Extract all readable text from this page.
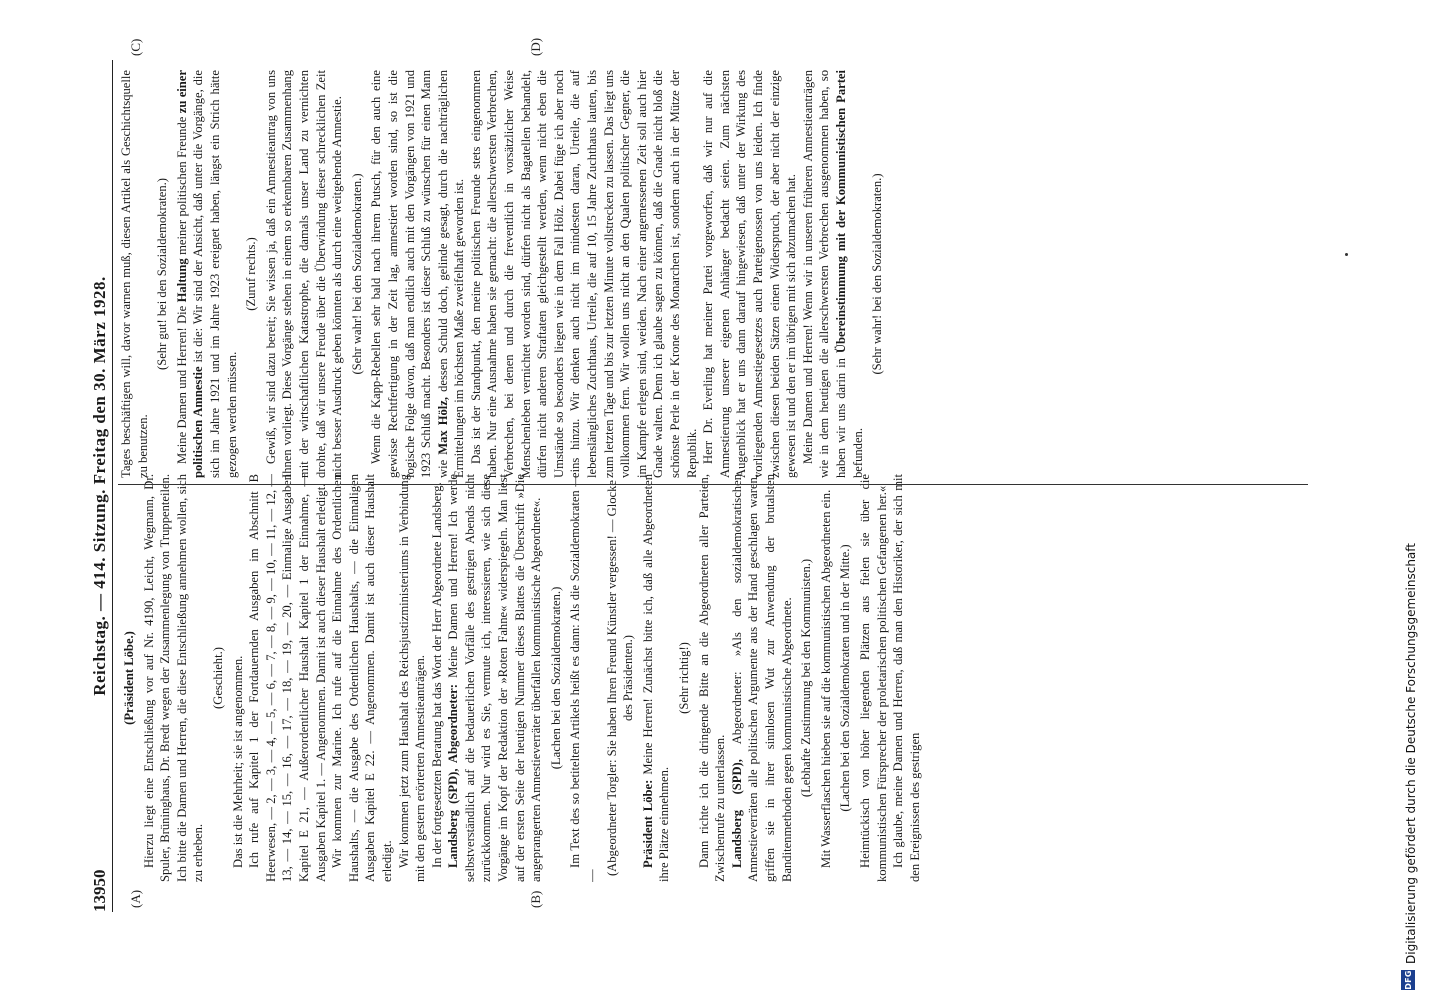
13950
Reichstag. — 414. Sitzung. Freitag den 30. März 1928.
(A)	(B)
(C)	(D)

(Präsident Löbe.) Hierzu liegt eine Entschließung vor auf Nr. 4190, Leicht, Wegmann, Dr. Spuler, Brüninghaus, Dr. Bredt wegen der Zusammenlegung von Truppenteilen. Ich bitte die Damen und Herren, die diese Entschließung annehmen wollen, sich zu erheben.

(Geschieht.) Das ist die Mehrheit; sie ist angenommen. Ich rufe auf Kapitel 1 der Fortdauernden Ausgaben im Abschnitt B Heerwesen, — 2, — 3, — 4, — 5, — 6, — 7, — 8, — 9, — 10, — 11, — 12, — 13, — 14, — 15, — 16, — 17, — 18, — 19, — 20, — Einmalige Ausgaben Kapitel E 21, — Außerordentlicher Haushalt Kapitel 1 der Einnahme, — Ausgaben Kapitel 1. — Angenommen. Damit ist auch dieser Haushalt erledigt. Wir kommen zur Marine. Ich rufe auf die Einnahme des Ordentlichen Haushalts, — die Ausgabe des Ordentlichen Haushalts, — die Einmaligen Ausgaben Kapitel E 22. — Angenommen. Damit ist auch dieser Haushalt erledigt. Wir kommen jetzt zum Haushalt des Reichsjustizministeriums in Verbindung mit den gestern erörterten Amnestieanträgen. In der fortgesetzten Beratung hat das Wort der Herr Abgeordnete Landsberg. Landsberg (SPD), Abgeordneter: Meine Damen und Herren! Ich werde selbstverständlich auf die bedauerlichen Vorfälle des gestrigen Abends nicht zurückkommen. Nur wird es Sie, vermute ich, interessieren, wie sich diese Vorgänge im Kopf der Redaktion der »Roten Fahne« widerspiegeln. Man liest auf der ersten Seite der heutigen Nummer dieses Blattes die Überschrift »Die angeprangerten Amnestieverräter überfallen kommunistische Abgeordnete«. (Lachen bei den Sozialdemokraten.) Im Text des so betitelten Artikels heißt es dann: Als die Sozialdemokraten — — (Abgeordneter Torgler: Sie haben Ihren Freund Künstler vergessen! — Glocke des Präsidenten.)

Präsident Löbe: Meine Herren! Zunächst bitte ich, daß alle Abgeordneten ihre Plätze einnehmen.

(Sehr richtig!) Dann richte ich die dringende Bitte an die Abgeordneten aller Parteien, Zwischenrufe zu unterlassen. Landsberg (SPD), Abgeordneter: »Als den sozialdemokratischen Amnestieverräten alle politischen Argumente aus der Hand geschlagen waren, griffen sie in ihrer sinnlosen Wut zur Anwendung der brutalsten Banditenmethoden gegen kommunistische Abgeordnete. (Lebhafte Zustimmung bei den Kommunisten.) Mit Wasserflaschen hieben sie auf die kommunistischen Abgeordneten ein. (Lachen bei den Sozialdemokraten und in der Mitte.) Heimtückisch von höher liegenden Plätzen aus fielen sie über die kommunistischen Fürsprecher der proletarischen politischen Gefangenen her.« Ich glaube, meine Damen und Herren, daß man den Historiker, der sich mit den Ereignissen des gestrigen

Tages beschäftigen will, davor warnen muß, diesen Artikel als Geschichtsquelle zu benutzen.

(Sehr gut! bei den Sozialdemokraten.)

Meine Damen und Herren! Die Haltung meiner politischen Freunde zu einer politischen Amnestie ist die: Wir sind der Ansicht, daß unter die Vorgänge, die sich im Jahre 1921 und im Jahre 1923 ereignet haben, längst ein Strich hätte gezogen werden müssen.

(Zuruf rechts.) Gewiß, wir sind dazu bereit; Sie wissen ja, daß ein Amnestieantrag von uns Ihnen vorliegt. Diese Vorgänge stehen in einem so erkennbaren Zusammenhang mit der wirtschaftlichen Katastrophe, die damals unser Land zu vernichten drohte, daß wir unsere Freude über die Überwindung dieser schrecklichen Zeit nicht besser Ausdruck geben könnten als durch eine weitgehende Amnestie. (Sehr wahr! bei den Sozialdemokraten.) Wenn die Kapp-Rebellen sehr bald nach ihrem Putsch, für den auch eine gewisse Rechtfertigung in der Zeit lag, amnestiert worden sind, so ist die logische Folge davon, daß man endlich auch mit den Vorgängen von 1921 und 1923 Schluß macht. Besonders ist dieser Schluß zu wünschen für einen Mann wie Max Hölz, dessen Schuld doch, gelinde gesagt, durch die nachträglichen Ermittelungen im höchsten Maße zweifelhaft geworden ist. Das ist der Standpunkt, den meine politischen Freunde stets eingenommen haben. Nur eine Ausnahme haben sie gemacht: die allerschwersten Verbrechen, Verbrechen, bei denen und durch die freventlich in vorsätzlicher Weise Menschenleben vernichtet worden sind, dürfen nicht als Bagatellen behandelt, dürfen nicht anderen Straftaten gleichgestellt werden, wenn nicht eben die Umstände so besonders liegen wie in dem Fall Hölz. Dabei füge ich aber noch eins hinzu. Wir denken auch nicht im mindesten daran, Urteile, die auf lebenslängliches Zuchthaus, Urteile, die auf 10, 15 Jahre Zuchthaus lauten, bis zum letzten Tage und bis zur letzten Minute vollstrecken zu lassen. Das liegt uns vollkommen fern. Wir wollen uns nicht an den Qualen politischer Gegner, die im Kampfe erlegen sind, weiden. Nach einer angemessenen Zeit soll auch hier Gnade walten. Denn ich glaube sagen zu können, daß die Gnade nicht bloß die schönste Perle in der Krone des Monarchen ist, sondern auch in der Mütze der Republik. Herr Dr. Everling hat meiner Partei vorgeworfen, daß wir nur auf die Amnestierung unserer eigenen Anhänger bedacht seien. Zum nächsten Augenblick hat er uns dann darauf hingewiesen, daß unter der Wirkung des vorliegenden Amnestiegesetzes auch Parteigenossen von uns leiden. Ich finde zwischen diesen beiden Sätzen einen Widerspruch, der aber nicht der einzige gewesen ist und den er im übrigen mit sich abzumachen hat. Meine Damen und Herren! Wenn wir in unseren früheren Amnestieanträgen wie in dem heutigen die allerschwersten Verbrechen ausgenommen haben, so haben wir uns darin in Übereinstimmung mit der Kommunistischen Partei befunden.

(Sehr wahr! bei den Sozialdemokraten.)

DFG
Digitalisierung gefördert durch die Deutsche Forschungsgemeinschaft
